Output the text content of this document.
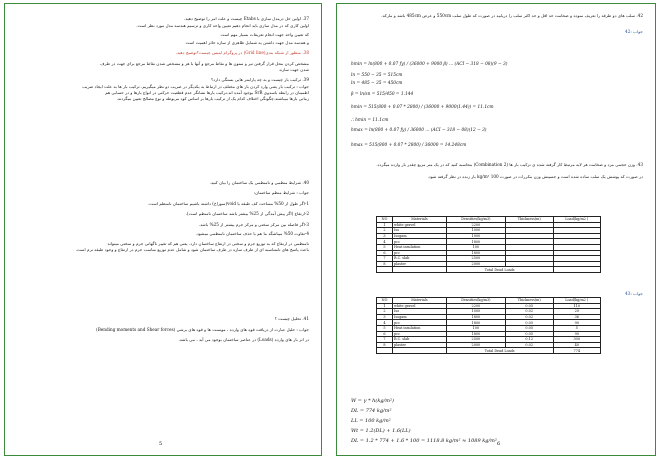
37. اولین حل درمدل سازی با Etabs چیست و علت امر را توضیح دهید.
اولین کاری که در مدل سازی باید انجام دهیم تعیین واحد کاری و ترسیم هندسه مدل مورد نظر است.
که تعیین واحد جهت انجام تعریفات بسیار مهم است
و هندسه مدل جهت داشتن یه شمایل ظاهری از سازه حائز اهمیت است
38. منظور از شبکه بندی(Grid line) در پروگرام ایتبس چیست؟توضیح دهید.
مشخص کردن محل قرار گرفتن تیر و ستون ها و نقاط مرجع و آنها با هر و مشخص شدن نقاط مرجع برای جهت در طرف
شدن جهت سازه.
39. ترکیب بار چیست و به چه پارامتر هایی بستگی دارد؟
جواب : ترکیب بار یعنی وارد کردن بار های مختلف در ارتباط به یکدیگر در ضریب دو نظر میگیریم. ترکیب بار ها به علت ایجاد ضریب
اطمینان در رابطه باسدوی SrR بوجود آمده اند.ترکیب بارها نشانگر عدم قطعیت حرکتی در انواع بارها و در حسابی هم
زمانی بارها میباشند.چگونگی اختلاف کدام یک از ترکیب بارها بر اساس کود مربوطه و نوع مصالح تعیین میگردند.
40. شرایط منظمی و نامنظمی یک ساختمان را بیان کنید.
جواب : شرایط منظم ساختمان:
1-اگر طول از 50% مساحت کف طبقه یا void(سوراخ) داشته باشیم ساختمان نامنظم است.
2-ارتفاع (اگر پیش آمدگی از 25% بیشتر باشد ساختمان نامنظم است).
3-اگر فاصله بین مرکز سختی و مرکز جرم بیشتر از 25% باشد.
4-تفاوت 50% میباشگد ما هم با حذف ساختمان نامنظمی میشود.
نامنظمی در ارتفاع که به توزیع جرم و سختی در ارتفاع ساختمان دارد. یعنی هم که تغییر ناگهانی جرم و سختی میتواند
باعث پاسخ های نامتناسبه ای از طرف سازه در طرف ساختمان شود و شامل عدم توزیع مناسب جرم در ارتفاع و وجود طبقه نرم است.
41. تحلیل چیست ؟
جواب : حلیل عبارت از دریافت قوه های وارده ، موسنت ها و قوه های برشی (Bending moments and Shear forces)
در اثر بار های وارده (Loads) در عناصر ساختمان بوجود می آید ، می باشد.
5
42. سلب های دو طرفه را تعریف نموده و ضخامت حد اقل و حد اکثر سلب را دریابید در صورت که طول سلب 550cm و عرض 485cm باشد و مارکه.
جواب :42
hmin = ln(800 + 0.07 fy) / (36000 + 9000 β) ... (ACI − 318 − 08)(9 − 3)
ln = 550 − 35 = 515cm
ln = 485 − 35 = 450cm
β = ln/sn = 515/450 = 1.144
hmin = 515(800 + 0.07 * 2800) / (36000 + 9000(1.44)) = 11.1cm
∴ hmin = 11.1cm
hmax = ln(800 + 0.07 fy) / 36000 ... (ACI − 318 − 08)(12 − 3)
hmax = 515(800 + 0.07 * 2800) / 36000 = 14.248cm
43. وزن حجمی مرد و ضخامت هر لایه مرتبط کار گرفته شده ی ترکیب بار ها (Combination 2) محاسبه کنید که در یک متر مربع چقدر بار وارده میگردد.
در صورت که پوشش یک سلب ساده شده است و جسپتش وزن مکررات در صورت 100 kg/m² بار زنده در نظر گرفته شود.
NO	Materials	Densities(kg/m3)	Thickness(m)	Load(kg/m2 )
1	white gravel	2200		
2	Iso	1000		
3	Isogam	1000		
4	pcc	1800		
5	Heat insulation	100		
6	pcc	1800		
7	R.C. slab	2500		
8	plaster	2000		
		Total Dead Loads		
جواب :43
NO	Materials	Densities(kg/m3)	Thickness(m)	Load(kg/m2 )
1	white gravel	2200	0.05	110
2	Iso	1000	0.02	20
3	Isogam	1800	0.02	36
4	pcc	1800	0.05	90
5	Heat insulation	100	0.05	5
6	pcc	1800	0.05	90
7	R.C. slab	2500	0.12	300
8	plaster	2000	0.02	40
		Total Dead Loads		774
W = γ * h(kg/m²)
DL = 774 kg/m²
LL = 100 kg/m²
Wt = 1.2(DL) + 1.6(LL)
DL = 1.2 * 774 + 1.6 * 100 = 1118.8 kg/m² ≈ 1089 kg/m² 6
